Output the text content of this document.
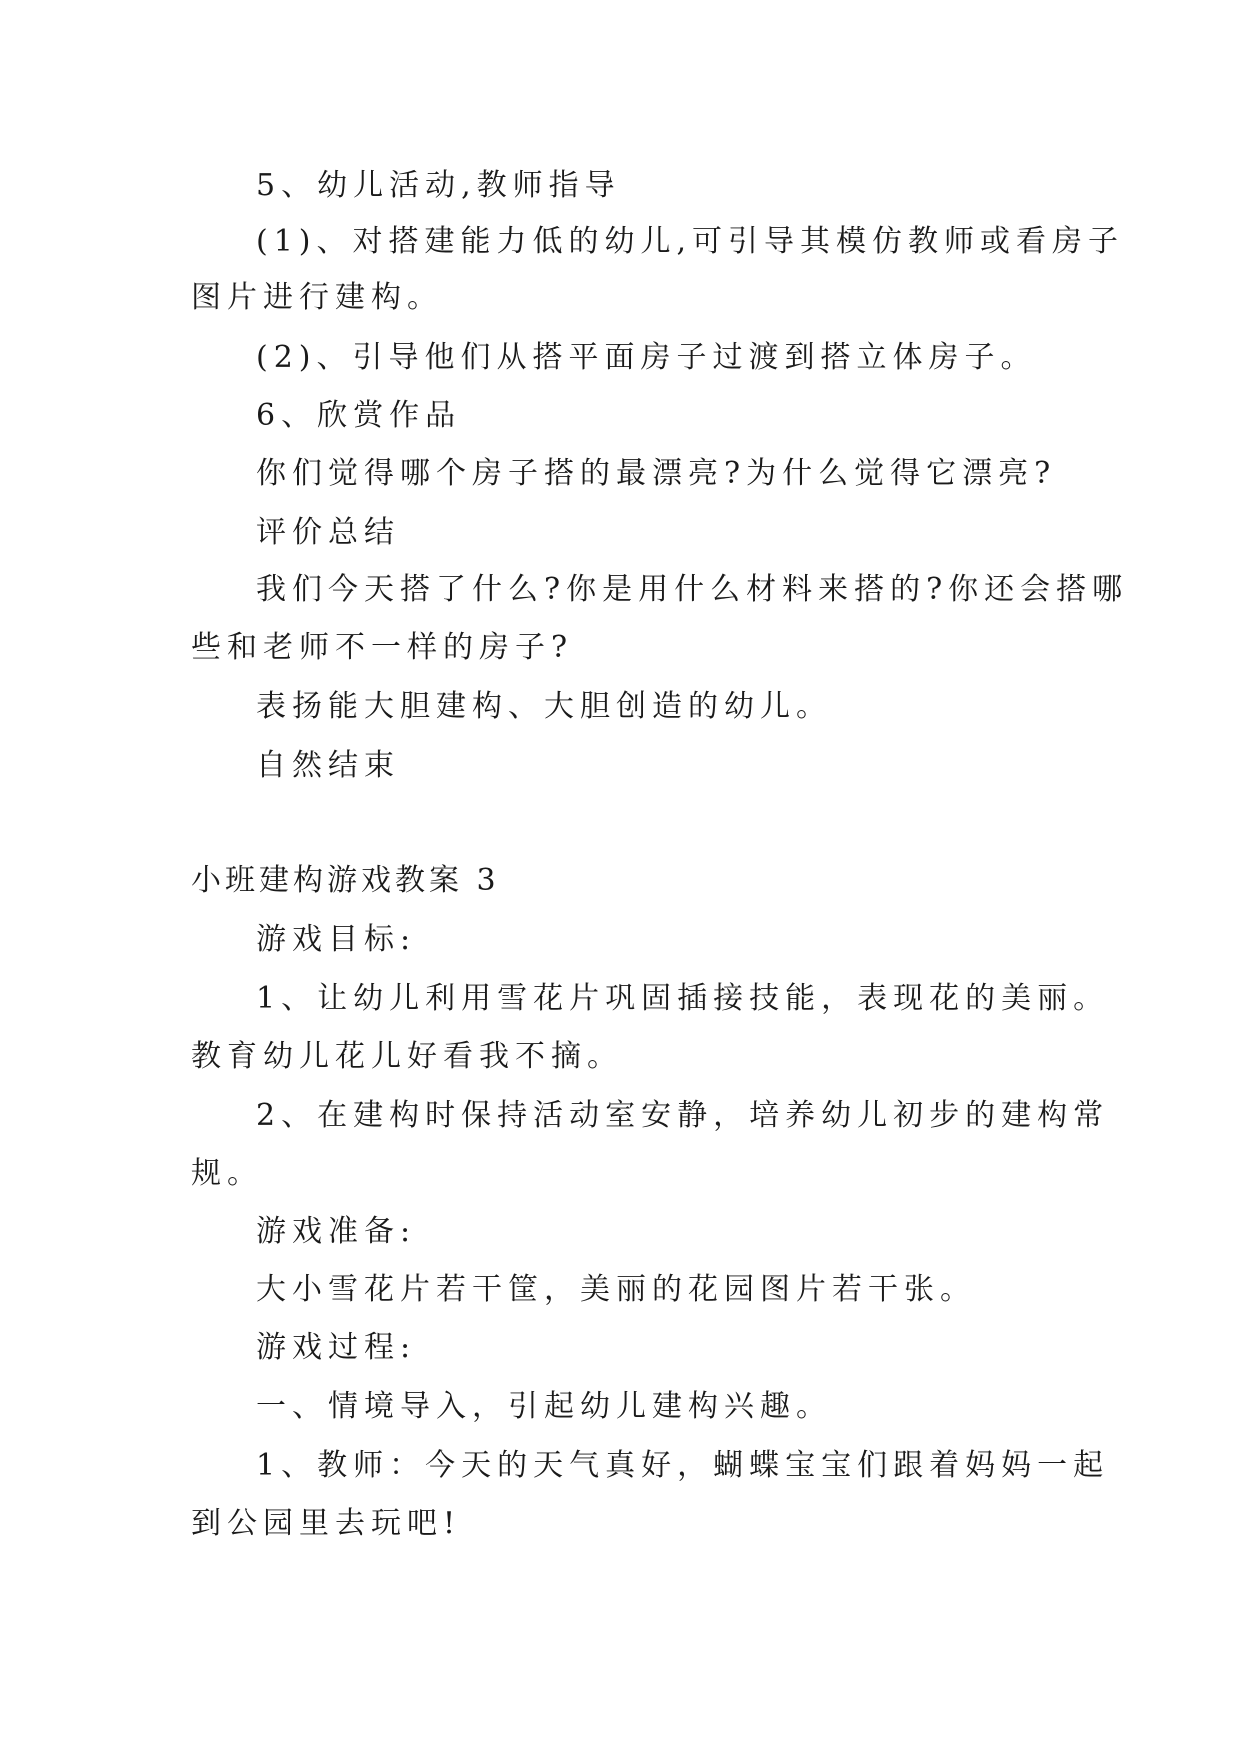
5、幼儿活动,教师指导
(1)、对搭建能力低的幼儿,可引导其模仿教师或看房子
图片进行建构。
(2)、引导他们从搭平面房子过渡到搭立体房子。
6、欣赏作品
你们觉得哪个房子搭的最漂亮?为什么觉得它漂亮?
评价总结
我们今天搭了什么?你是用什么材料来搭的?你还会搭哪
些和老师不一样的房子?
表扬能大胆建构、大胆创造的幼儿。
自然结束
小班建构游戏教案 3
游戏目标:
1、让幼儿利用雪花片巩固插接技能，表现花的美丽。
教育幼儿花儿好看我不摘。
2、在建构时保持活动室安静，培养幼儿初步的建构常
规。
游戏准备:
大小雪花片若干筐，美丽的花园图片若干张。
游戏过程:
一、情境导入，引起幼儿建构兴趣。
1、教师：今天的天气真好，蝴蝶宝宝们跟着妈妈一起
到公园里去玩吧!
